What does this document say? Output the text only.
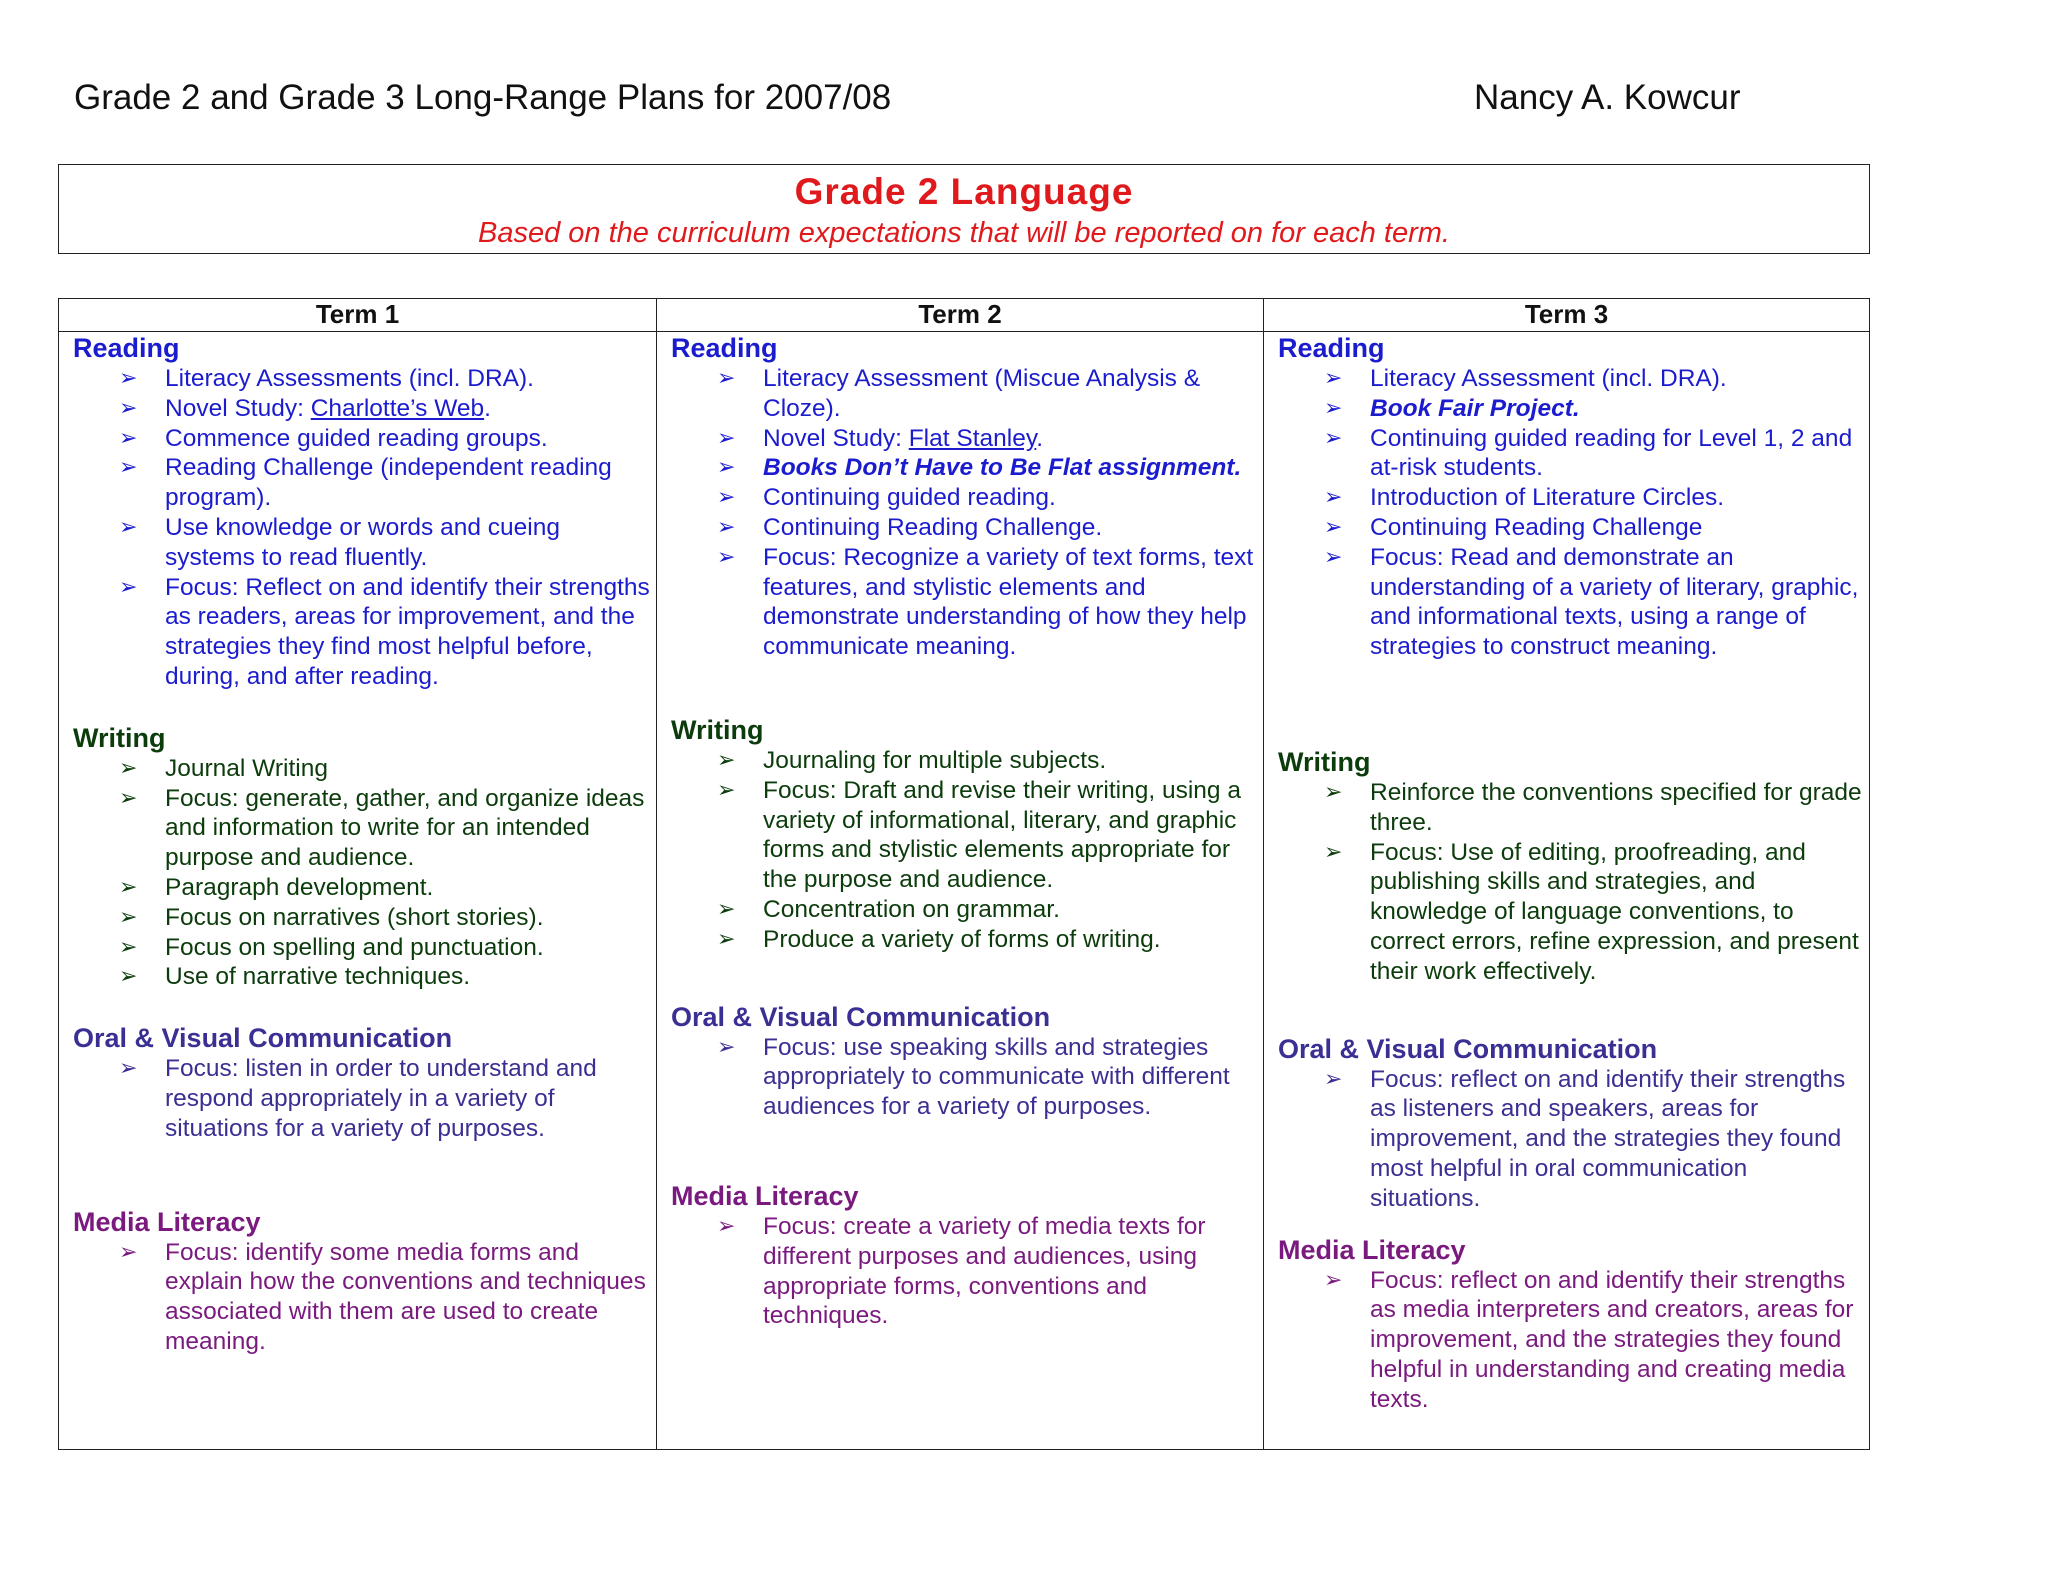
Grade 2 and Grade 3 Long-Range Plans for 2007/08	Nancy A. Kowcur
Grade 2 Language
Based on the curriculum expectations that will be reported on for each term.
Term 1
Reading
➢ Literacy Assessments (incl. DRA).
➢ Novel Study: Charlotte’s Web.
➢ Commence guided reading groups.
➢ Reading Challenge (independent reading program).
➢ Use knowledge or words and cueing systems to read fluently.
➢ Focus: Reflect on and identify their strengths as readers, areas for improvement, and the strategies they find most helpful before, during, and after reading.
Writing
➢ Journal Writing
➢ Focus: generate, gather, and organize ideas and information to write for an intended purpose and audience.
➢ Paragraph development.
➢ Focus on narratives (short stories).
➢ Focus on spelling and punctuation.
➢ Use of narrative techniques.
Oral & Visual Communication
➢ Focus: listen in order to understand and respond appropriately in a variety of situations for a variety of purposes.
Media Literacy
➢ Focus: identify some media forms and explain how the conventions and techniques associated with them are used to create meaning.
Term 2
Reading
➢ Literacy Assessment (Miscue Analysis & Cloze).
➢ Novel Study: Flat Stanley.
➢ Books Don’t Have to Be Flat assignment.
➢ Continuing guided reading.
➢ Continuing Reading Challenge.
➢ Focus: Recognize a variety of text forms, text features, and stylistic elements and demonstrate understanding of how they help communicate meaning.
Writing
➢ Journaling for multiple subjects.
➢ Focus: Draft and revise their writing, using a variety of informational, literary, and graphic forms and stylistic elements appropriate for the purpose and audience.
➢ Concentration on grammar.
➢ Produce a variety of forms of writing.
Oral & Visual Communication
➢ Focus: use speaking skills and strategies appropriately to communicate with different audiences for a variety of purposes.
Media Literacy
➢ Focus: create a variety of media texts for different purposes and audiences, using appropriate forms, conventions and techniques.
Term 3
Reading
➢ Literacy Assessment (incl. DRA).
➢ Book Fair Project.
➢ Continuing guided reading for Level 1, 2 and at-risk students.
➢ Introduction of Literature Circles.
➢ Continuing Reading Challenge
➢ Focus: Read and demonstrate an understanding of a variety of literary, graphic, and informational texts, using a range of strategies to construct meaning.
Writing
➢ Reinforce the conventions specified for grade three.
➢ Focus: Use of editing, proofreading, and publishing skills and strategies, and knowledge of language conventions, to correct errors, refine expression, and present their work effectively.
Oral & Visual Communication
➢ Focus: reflect on and identify their strengths as listeners and speakers, areas for improvement, and the strategies they found most helpful in oral communication situations.
Media Literacy
➢ Focus: reflect on and identify their strengths as media interpreters and creators, areas for improvement, and the strategies they found helpful in understanding and creating media texts.
